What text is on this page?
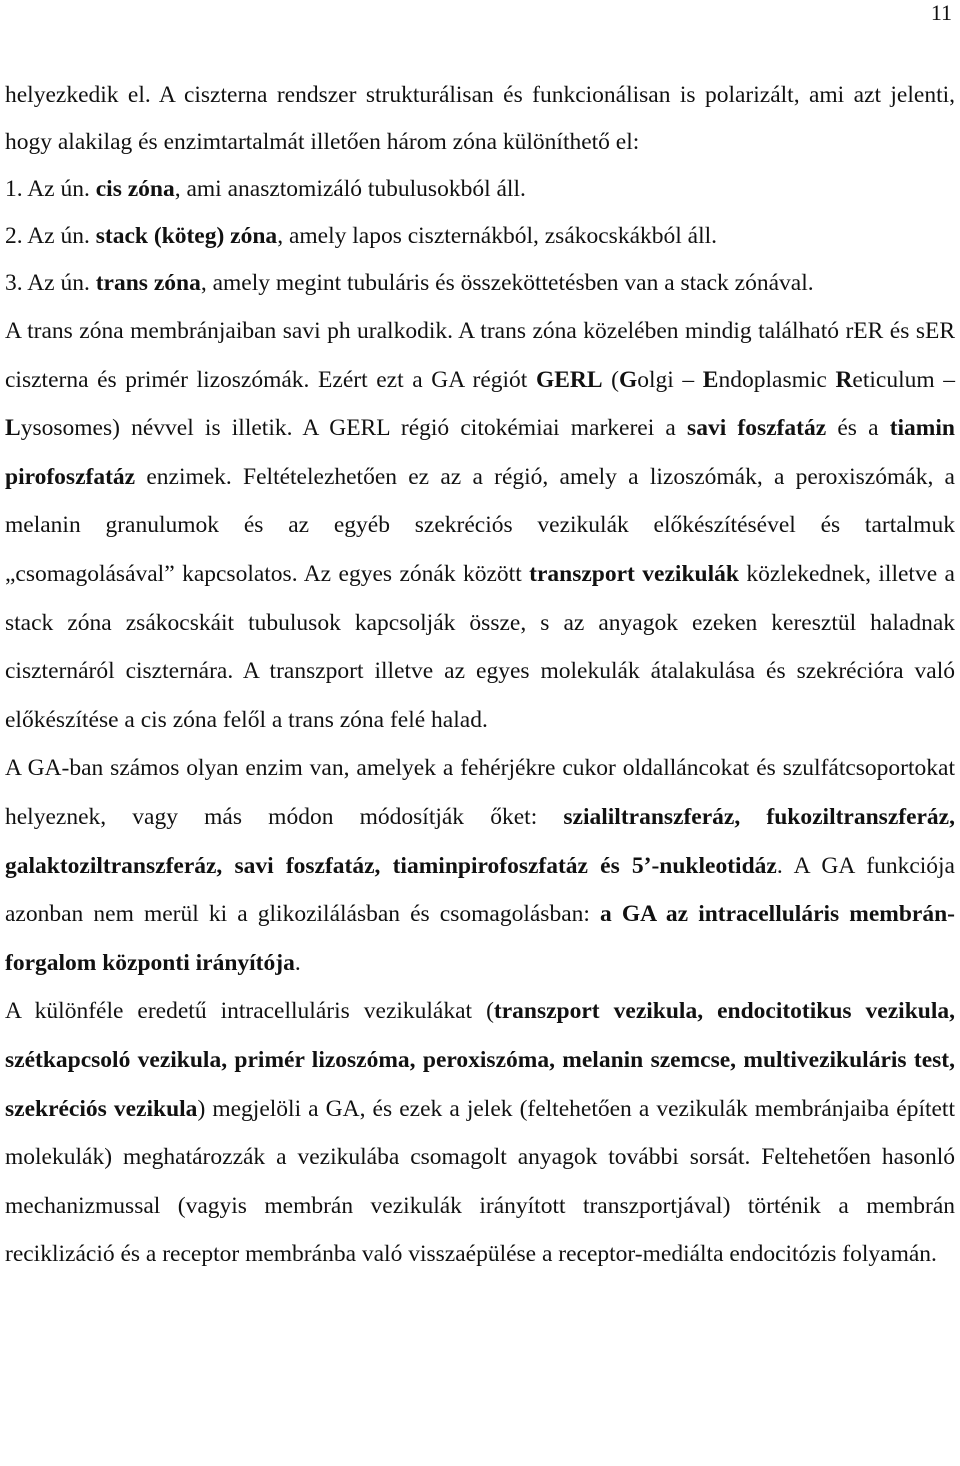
11

helyezkedik el. A ciszterna rendszer strukturálisan és funkcionálisan is polarizált, ami azt jelenti, hogy alakilag és enzimtartalmát illetően három zóna különíthető el:

1. Az ún. cis zóna, ami anasztomizáló tubulusokból áll.
2. Az ún. stack (köteg) zóna, amely lapos ciszternákból, zsákocskákból áll.
3. Az ún. trans zóna, amely megint tubuláris és összeköttetésben van a stack zónával.

A trans zóna membránjaiban savi ph uralkodik. A trans zóna közelében mindig található rER és sER ciszterna és primér lizoszómák. Ezért ezt a GA régiót GERL (Golgi – Endoplasmic Reticulum – Lysosomes) névvel is illetik. A GERL régió citokémiai markerei a savi foszfatáz és a tiamin pirofoszfatáz enzimek. Feltételezhetően ez az a régió, amely a lizoszómák, a peroxiszómák, a melanin granulumok és az egyéb szekréciós vezikulák előkészítésével és tartalmuk „csomagolásával” kapcsolatos. Az egyes zónák között transzport vezikulák közlekednek, illetve a stack zóna zsákocskáit tubulusok kapcsolják össze, s az anyagok ezeken keresztül haladnak ciszternáról ciszternára. A transzport illetve az egyes molekulák átalakulása és szekrécióra való előkészítése a cis zóna felől a trans zóna felé halad.

A GA-ban számos olyan enzim van, amelyek a fehérjékre cukor oldalláncokat és szulfátcsoportokat helyeznek, vagy más módon módosítják őket: szialiltranszferáz, fukoziltranszferáz, galaktoziltranszferáz, savi foszfatáz, tiaminpirofoszfatáz és 5’-nukleotidáz. A GA funkciója azonban nem merül ki a glikozilálásban és csomagolásban: a GA az intracelluláris membrán-forgalom központi irányítója.

A különféle eredetű intracelluláris vezikulákat (transzport vezikula, endocitotikus vezikula, szétkapcsoló vezikula, primér lizoszóma, peroxiszóma, melanin szemcse, multivezikuláris test, szekréciós vezikula) megjelöli a GA, és ezek a jelek (feltehetően a vezikulák membránjaiba épített molekulák) meghatározzák a vezikulába csomagolt anyagok további sorsát. Feltehetően hasonló mechanizmussal (vagyis membrán vezikulák irányított transzportjával) történik a membrán reciklizáció és a receptor membránba való visszaépülése a receptor-mediálta endocitózis folyamán.
